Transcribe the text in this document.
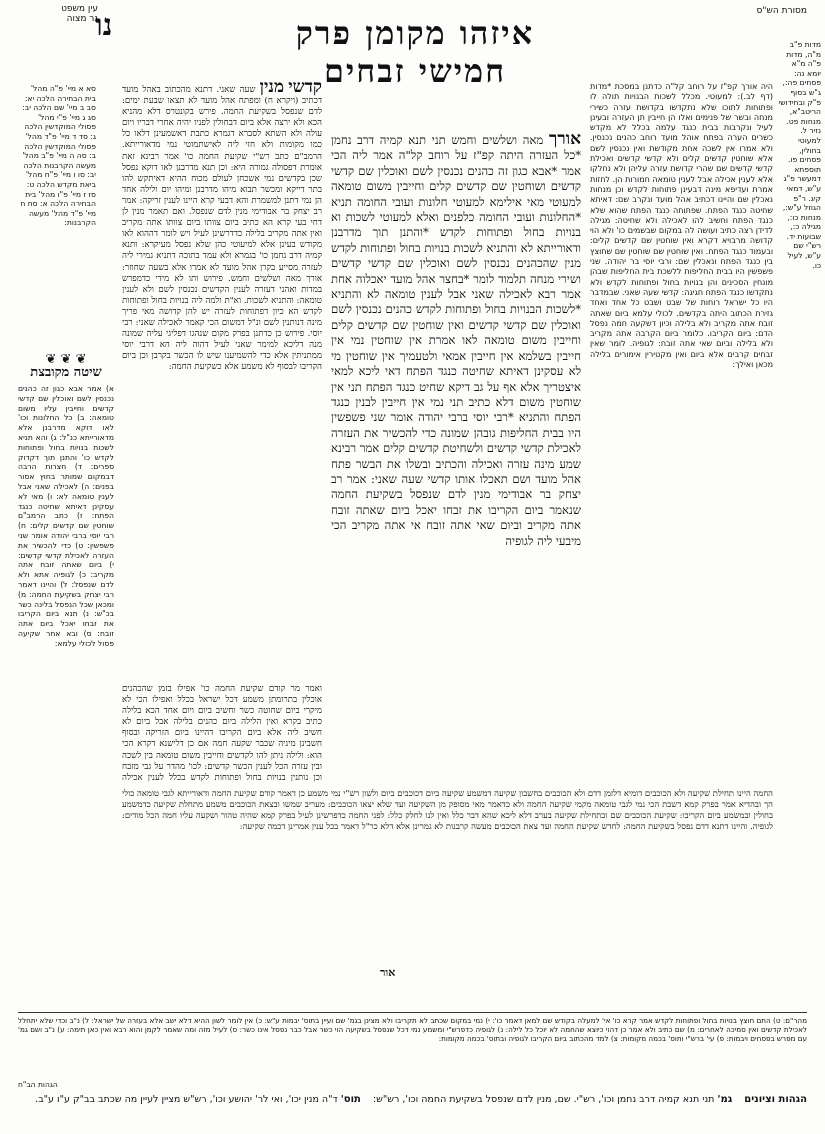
מסורת הש"ס
עין משפט
נר מצוה נו	איזהו מקומן פרק חמישי זבחים
מדות פ"ב מ"ה, מדות פ"ה מ"א יומא נה: פסחים פה:, ג"ש בסוף פ"ק ובחידושי הריטב"א, מנחות פט. נזיר ל. למעוטי בחולין, פסחים פו. תוספתא דמעשר פ"ג ע"ש, דמאי קיג. ר"פ הגוזל ע"ש:, מנחות כו:, מגילה כ:, שבועות יד. רש"י שם ע"ש, לעיל כו.
סא א מיי' פ"ה מהל' בית הבחירה הלכה יא: סב ב מיי' שם הלכה יב: סג ג מיי' פ"י מהל' פסולי המוקדשין הלכה ג: סד ד מיי' פ"ד מהל' פסולי המוקדשין הלכה ב: סה ה מיי' פ"ב מהל' מעשה הקרבנות הלכה יב: סו ו מיי' פ"ח מהל' ביאת מקדש הלכה ט: סז ז מיי' פ"ו מהל' בית הבחירה הלכה א: סח ח מיי' פ"ד מהל' מעשה הקרבנות:
היה אורך קפ"ז על רוחב קל"ה כדתנן במסכת *מדות (דף לב.): למעוטי. מכלל לשכות הבנויות תולה לו ופתוחות לתוכו שלא נתקדשו בקדושת עזרה כשירי מנחה ובשר של פנימים ואלו הן חייבין תן העזרה ובעינן לעיל ונקרבות בבית כנגד עלמה בכלל לא מקדש כשרים הערה בפתח אוהל מועד רוחב כהנים נכנסין. ולא אמרו אין לשכה אחת מקודשת ואין נכנסין לשם אלא שוחטין קדשים קלים ולא קדשי קדשים ואכילת קדשי קדשים שם שהרי קדושת עזרה עליהן ולא נחלקו אלא לענין אכילה אבל לענין טומאה חמורות הן. לחזות אמרת ועדיפא מינה דבעינן פתוחות לקדש וכן מנחות נאכלין שם והיינו דכתיב אהל מועד ונקרב שם: דאיתא שחיטה כנגד הפתח. שפתוחה כנגד הפתח שהוא שלא כנגד הפתח וחשיב להו לאכילה ולא שחיטה: מגילה לדידן רצה כתיב ועושה לה במקום שבשמים כו' ולא הוי קדושה מרבויא דקרא ואין שוחטין שם קדשים קלים: ובעמוד כנגד הפתח. ואין שוחטין שם שוחטין שם שחוצץ בין כנגד הפתח ונאכלין שם: ורבי יוסי בר יהודה. שני פשפשין היו בבית החליפות ללשכת בית החליפות שבהן מונחין הסכינים והן בנויות בחול ופתוחות לקדש ולא נתקדשו כנגד הפתח חגיגה: קדשי שעה שאני. שבמדבר היו כל ישראל רוחות של שבט ושבט כל אחד ואחד גזירת הכתוב היתה בקדשים. לכולי עלמא ביום שאתה זובח אתה מקריב ולא בלילה וכיון דשקעה חמה נפסל הדם: ביום הקריבו. כלומר ביום הקרבה אתה מקריב ולא בלילה וביום שאי אתה זובח: לגופיה. לומר שאין זבחים קרבים אלא ביום ואין מקטירין אימורים בלילה מכאן ואילך:
אורך מאה ושלשים וחמש תני תנא קמיה דרב נחמן *כל העזרה היתה קפ"ז על רוחב קל"ה אמר ליה הכי אמר *אבא כגון זה כהנים נכנסין לשם ואוכלין שם קדשי קדשים ושוחטין שם קדשים קלים וחייבין משום טומאה למעוטי מאי אילימא למעוטי חלונות ועובי החומה תניא *החלונות ועובי החומה כלפנים ואלא למעוטי לשכות וא בנויות בחול ופתוחות לקדש *והתנן תוך מדרבנן ודאורייתא לא והתניא לשכות בנויות בחול ופתוחות לקדש מנין שהכהנים נכנסין לשם ואוכלין שם קדשי קדשים ושירי מנחה תלמוד לומר *בחצר אהל מועד יאכלוה אחת אמר רבא לאכילה שאני אבל לענין טומאה לא והתניא *לשכות הבנויות בחול ופתוחות לקדש כהנים נכנסין לשם ואוכלין שם קדשי קדשים ואין שוחטין שם קדשים קלים וחייבין משום טומאה לאו אמרת אין שוחטין נמי אין חייבין בשלמא אין חייבין אמאי ולטעמיך אין שוחטין מי לא עסקינן דאיתא שחיטה כנגד הפתח דאי ליכא למאי איצטריך אלא אף על גב דיקא שחיט כנגד הפתח תני אין שוחטין משום דלא כתיב תני נמי אין חייבין לבנין כנגד הפתח והתניא *רבי יוסי ברבי יהודה אומר שני פשפשין היו בבית החליפות גובהן שמונה כדי להכשיר את העזרה לאכילת קדשי קדשים ולשחיטת קדשים קלים אמר רבינא שמע מינה עזרה ואכילה והכתיב ובשלו את הבשר פתח אהל מועד ושם תאכלו אותו קדשי שעה שאני: אמר רב יצחק בר אבודימי מנין לדם שנפסל בשקיעת החמה שנאמר ביום הקריבו את זבחו יאכל ביום שאתה זובח אתה מקריב וביום שאי אתה זובח אי אתה מקריב הכי מיבעי ליה לגופיה
קדשי מנין שעה שאני. דתנא מהכתוב באהל מועד דכתיב (ויקרא ח) ומפתח אהל מועד לא תצאו שבעת ימים: לדם שנפסל בשקיעת החמה. פירש בקונטרס דלא מהניא הכא ולא ירצה אלא ביום דבחולין לפניו יהיה אחרי דבריו ויום עולה ולא השתא לסברא דגמרא כתבת דאשמעינן דלאו כל כמו מקומות ולא חזי ליה לאישתמוטי נמי מדאורייתא. הרמב"ם כתב רש"י שקיעת החמה כו' אמר רבינא זאת אומרת דפסולה גמורה היא: וכן תנא מדרבנן לאו דוקא נפסל שכן בקדשים נמי אשכחן לעולם מכוח ההיא דאיתקש להו בתר דייקא ומכשר תבוא מיהו מדרבנן ומיהו יום ולילה אחד הן נמי דתנן למשמרת והא דבעי קרא היינו לענין זריקה: אמר רב יצחק בר אבודימי מנין לדם שנפסל. ואם תאמר מנין לן דחי בעי קרא הא כתיב ביום צוותו ביום צוותו אתה מקריב ואין אתה מקריב בלילה כדדרשינן לעיל ויש לומר דההוא לאו מקודש בעינן אלא למיעוטי כהן שלא נפסל מעיקרא: ותנא קמיה דרב נחמן כו' בגמרא ולא עמד בתוכה דתניא גמירי ליה לעזרה מסייע בקרן אהל מועד לא אמרו אלא בשעה שחוזר: אורך מאה ושלשים וחמש. פירוש ותו לא מידי כדמפרש במדות ואהני דעזרה לענין הקדשים נכנסין לשם ולא לענין טומאה: והתניא לשכות. וא"ת ולמה ליה בנויות בחול ופתוחות לקדש הא כיון דפתוחות לעזרה יש להן קדושה מאי פריך מינה דנותנין לשם ונ"ל דמשום הכי קאמר לאכילה שאני: רבי יוסי. פירוש כן כדתנן בפרק מקום שנהגו דפליגי עליה שמונה מנה דליכא למימר שאני לעיל דהוה ליה הא דרבי יוסי ממתניתין אלא כדי להשמיענו שיש לו הכשר בקרבן וכן ביום הקריבו לבסוף לא משמע אלא כשקיעת החמה:
ואמר מר קודם שקיעת החמה כו' אפילו בזמן שהכהנים אוכלין בתרומתן משמע דכל ישראל בכלל ואפילו הכי לא מיקרי ביום שחוטה כשר וחשיב ביום ויום אחד הכא בלילה כתיב בקרא ואין הלילה ביום כהנים בלילה אבל ביום לא חשיב ליה אלא ביום הקריבו דהיינו ביום הזריקה ובסוף חשבינן מיניה שכבר שקעה חמה אם כן דלישנא דקרא הכי הוא: ולילה ניתן להו לקדשים וחייבין משום טומאה בין לשכה ובין עזרה הכל לענין הכשר קדשים: לכו' מהדר על גבי מזבח וכן נותנין בנויות בחול ופתוחות לקדש בכלל לענין אכילה
❦ ❦ ❦
שיטה מקובצת
א) אמר אבא כגון זה כהנים נכנסין לשם ואוכלין שם קדשי קדשים וחייבין עליו משום טומאה: ב) כל החלונות וכו' לאו דוקא מדרבנן אלא מדאורייתא כנ"ל: ג) והא תניא לשכות בנויות בחול ופתוחות לקדש כו' והתנן תוך דקדוק ספרים: ד) חצרות הרבה דבמקום שמותר בחוץ אסור בפנים: ה) לאכילה שאני אבל לענין טומאה לא: ו) מאי לא עסקינן דאיתא שחיטה כנגד הפתח: ז) כתב הרמב"ם שוחטין שם קדשים קלים: ח) רבי יוסי ברבי יהודה אומר שני פשפשין: ט) כדי להכשיר את העזרה לאכילת קדשי קדשים: י) ביום שאתה זובח אתה מקריב: כ) לגופיה אתא ולא לדם שנפסל: ל) והיינו דאמר רבי יצחק בשקיעת החמה: מ) ומכאן שכל הנפסל בלינה כשר בכ"ש: נ) תנא ביום הקריבו את זבחו יאכל ביום אתה זובח: ס) ובא אחר שקיעה פסול לכולי עלמא:
החמה היינו תחילת שקיעה ולא הכוכבים דומיא דלזמן דדם ולא הכוכבים בחשבון שקיעה דמשמע שקיעה ביום דכוכבים ביום ולשון רש"י נמי משמע כן דאמר קודם שקיעת החמה ודאורייתא לגבי טומאה כולי הך ובהדיא אמר בפרק קמא דשבת הכי נמי לגבי טומאה מקמי שקיעה החמה ולא כדאמר מאי מסופק מן השקיעה ועד שלא יצאו הכוכבים: מעריב שמשו ובצאת הכוכבים משמע מתחלת שקיעה כדמשמע בחולין ובמשמע ביום הקריבו: שקיעת הכוכבים שם ובתחילת שקיעה בערב דלא ליכא שהא דבר כלל ואין לנו לחלק כלל: לפני החמה כדפרשינן לעיל בפרק קמא שהיה טהור ושקעה עליו חמה הכל מודים: לגופיה. והיינו דתנא דדם נפסל בשקיעת החמה: לחדש שקיעת החמה ועד צאת הכוכבים מעשה קרבנות לא גמרינן אלא דלא כר"ל דאמר בכל ענין אמרינן דכמה שקיעה:
אור
מהר"ם: ט) התם חוצץ בנויות בחול ופתוחות לקדש אמר קרא כו' אי' למעלה בקודש שם למאן דאמר כו': י) נמי במקום שכתב לא תקריבו ולא מצינן בגמ' שם ועיין בתוס' יבמות ע"ש: כ) אין לומר לשון ההיא דלא ישב אלא בעזרה של ישראל: ל) נ"ב וכדי שלא יתחלל לאכילת קדשים ואין סמיכה לאחרים: מ) שם כתיב ולא אמר כן דהוי כיוצא שהחמה לא יוכל כל לילה: נ) לגופיה כדפרש"י ומשמע נמי דכל שנפסל בשקיעה הוי כשר אבל כבר נפסל אינו כשר: ס) לעיל מזה ומה שאמר לקמן והוא רבא ואין כאן תימה: ע) נ"ב ושם גמ' עם מפרש בפסחים ויבמות: פ) עי' ברש"י ותוס' בכמה מקומות: צ) למד מהכתוב ביום הקריבו לגופיה ובתוס' בכמה מקומות:
הגהות הב"ח
הגהות וציונים    גמ' תני תנא קמיה דרב נחמן וכו', רש"י. שם, מנין לדם שנפסל בשקיעת החמה וכו', רש"ש:    תוס' ד"ה מנין יכו', ואי לר' יהושע וכו', רש"ש מציין לעיין מה שכתב בב"ק ע"ו ע"ב.
